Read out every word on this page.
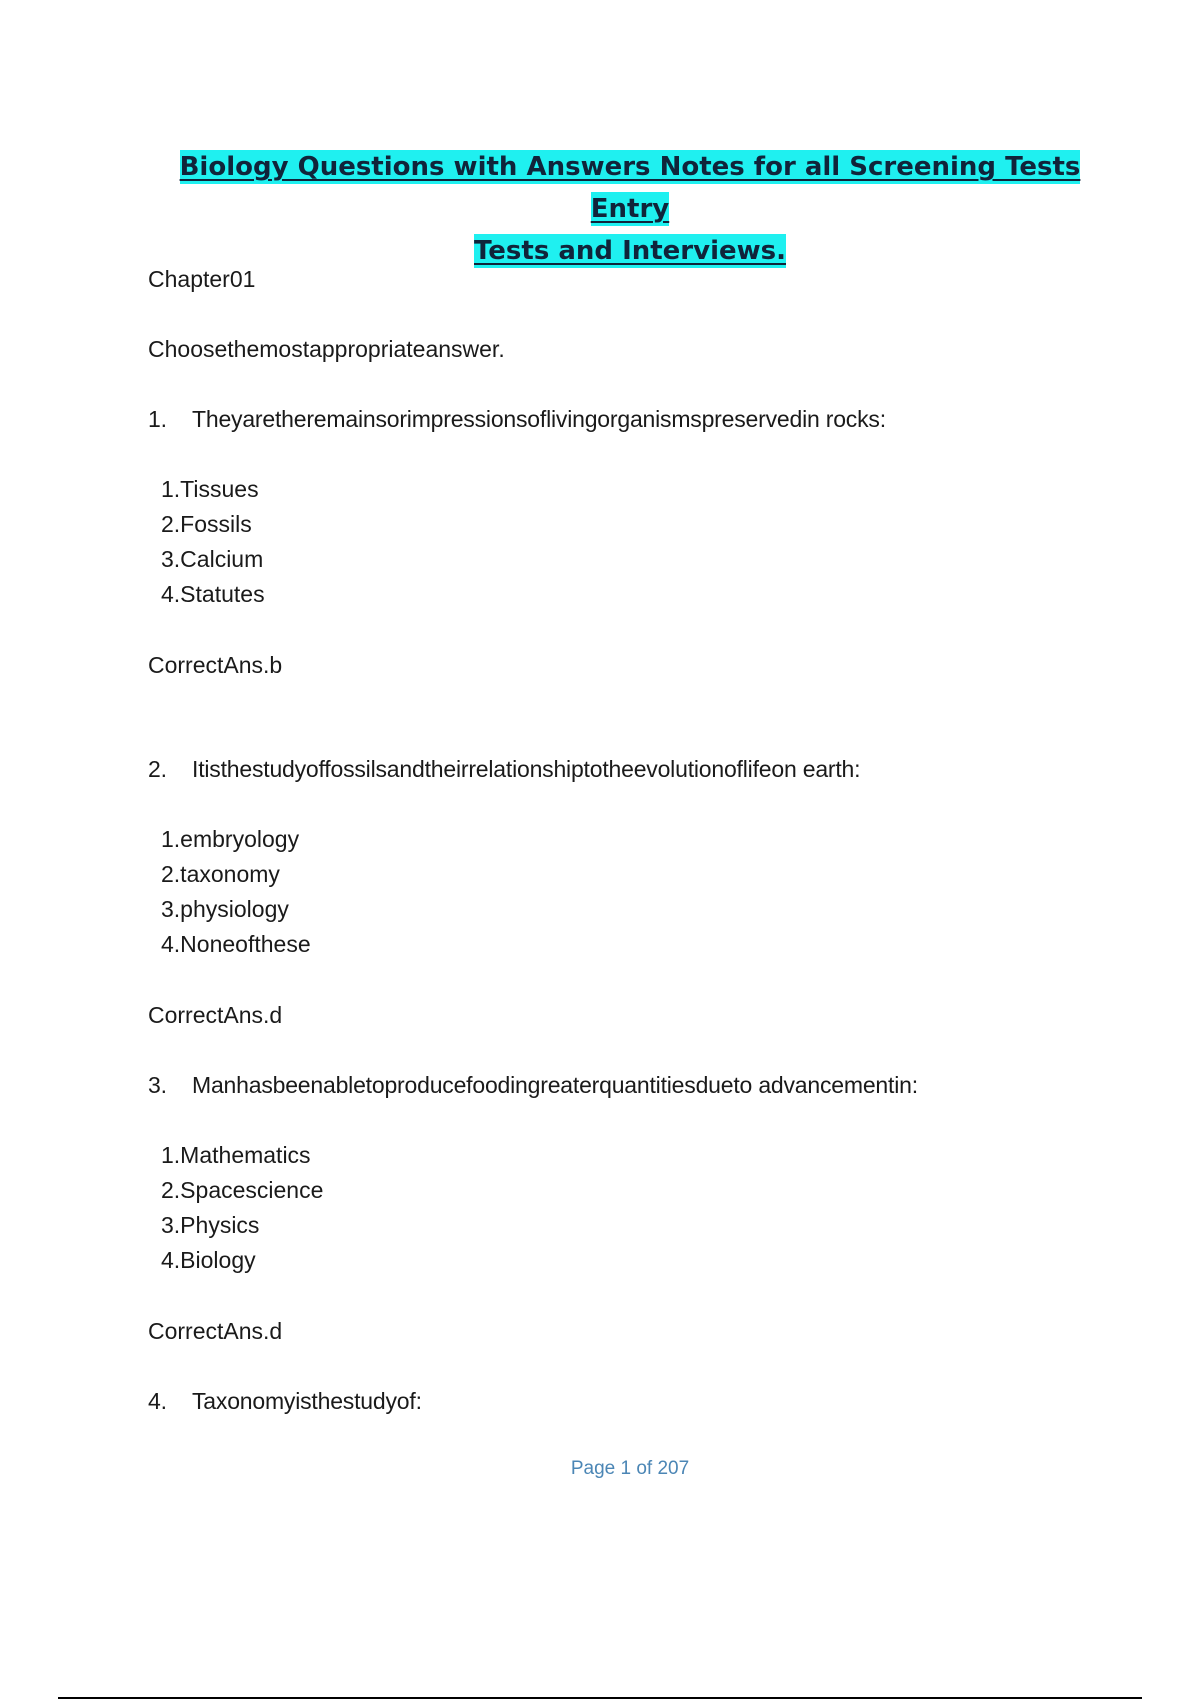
Biology Questions with Answers Notes for all Screening Tests Entry
Tests and Interviews.
Chapter01
Choosethemostappropriateanswer.
1.	Theyaretheremainsorimpressionsoflivingorganismspreservedin rocks:
1.Tissues
2.Fossils
3.Calcium
4.Statutes
CorrectAns.b
2.	Itisthestudyoffossilsandtheirrelationshiptotheevolutionoflifeon earth:
1.embryology
2.taxonomy
3.physiology
4.Noneofthese
CorrectAns.d
3.	Manhasbeenabletoproducefoodingreaterquantitiesdueto advancementin:
1.Mathematics
2.Spacescience
3.Physics
4.Biology
CorrectAns.d
4.	Taxonomyisthestudyof:
Page 1 of 207
